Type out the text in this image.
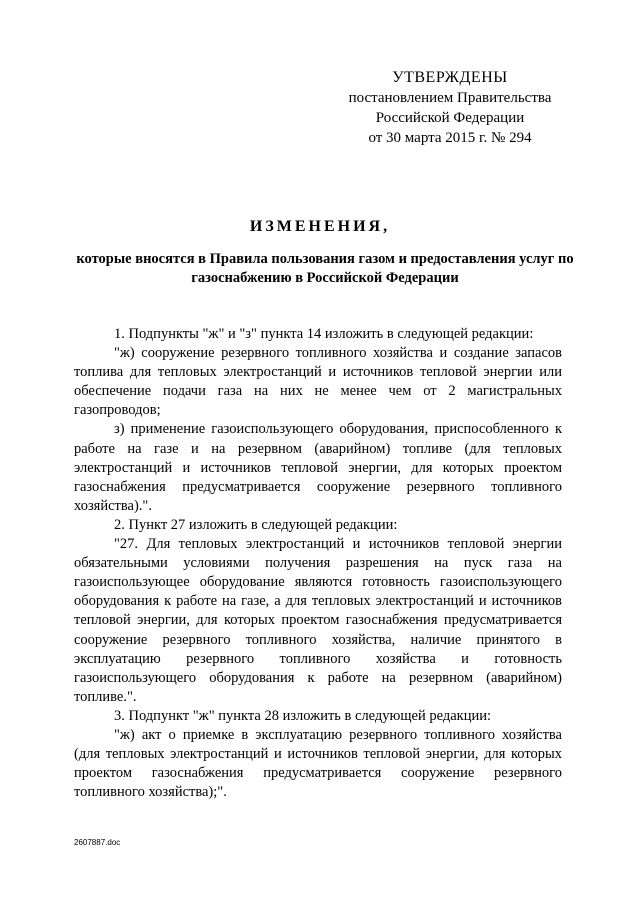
УТВЕРЖДЕНЫ
постановлением Правительства
Российской Федерации
от 30 марта 2015 г. № 294
ИЗМЕНЕНИЯ,
которые вносятся в Правила пользования газом и предоставления услуг по газоснабжению в Российской Федерации

1. Подпункты "ж" и "з" пункта 14 изложить в следующей редакции:

"ж) сооружение резервного топливного хозяйства и создание запасов топлива для тепловых электростанций и источников тепловой энергии или обеспечение подачи газа на них не менее чем от 2 магистральных газопроводов;

з) применение газоиспользующего оборудования, приспособленного к работе на газе и на резервном (аварийном) топливе (для тепловых электростанций и источников тепловой энергии, для которых проектом газоснабжения предусматривается сооружение резервного топливного хозяйства).".

2. Пункт 27 изложить в следующей редакции:

"27. Для тепловых электростанций и источников тепловой энергии обязательными условиями получения разрешения на пуск газа на газоиспользующее оборудование являются готовность газоиспользующего оборудования к работе на газе, а для тепловых электростанций и источников тепловой энергии, для которых проектом газоснабжения предусматривается сооружение резервного топливного хозяйства, наличие принятого в эксплуатацию резервного топливного хозяйства и готовность газоиспользующего оборудования к работе на резервном (аварийном) топливе.".

3. Подпункт "ж" пункта 28 изложить в следующей редакции:

"ж) акт о приемке в эксплуатацию резервного топливного хозяйства (для тепловых электростанций и источников тепловой энергии, для которых проектом газоснабжения предусматривается сооружение резервного топливного хозяйства);".

2607887.doc
